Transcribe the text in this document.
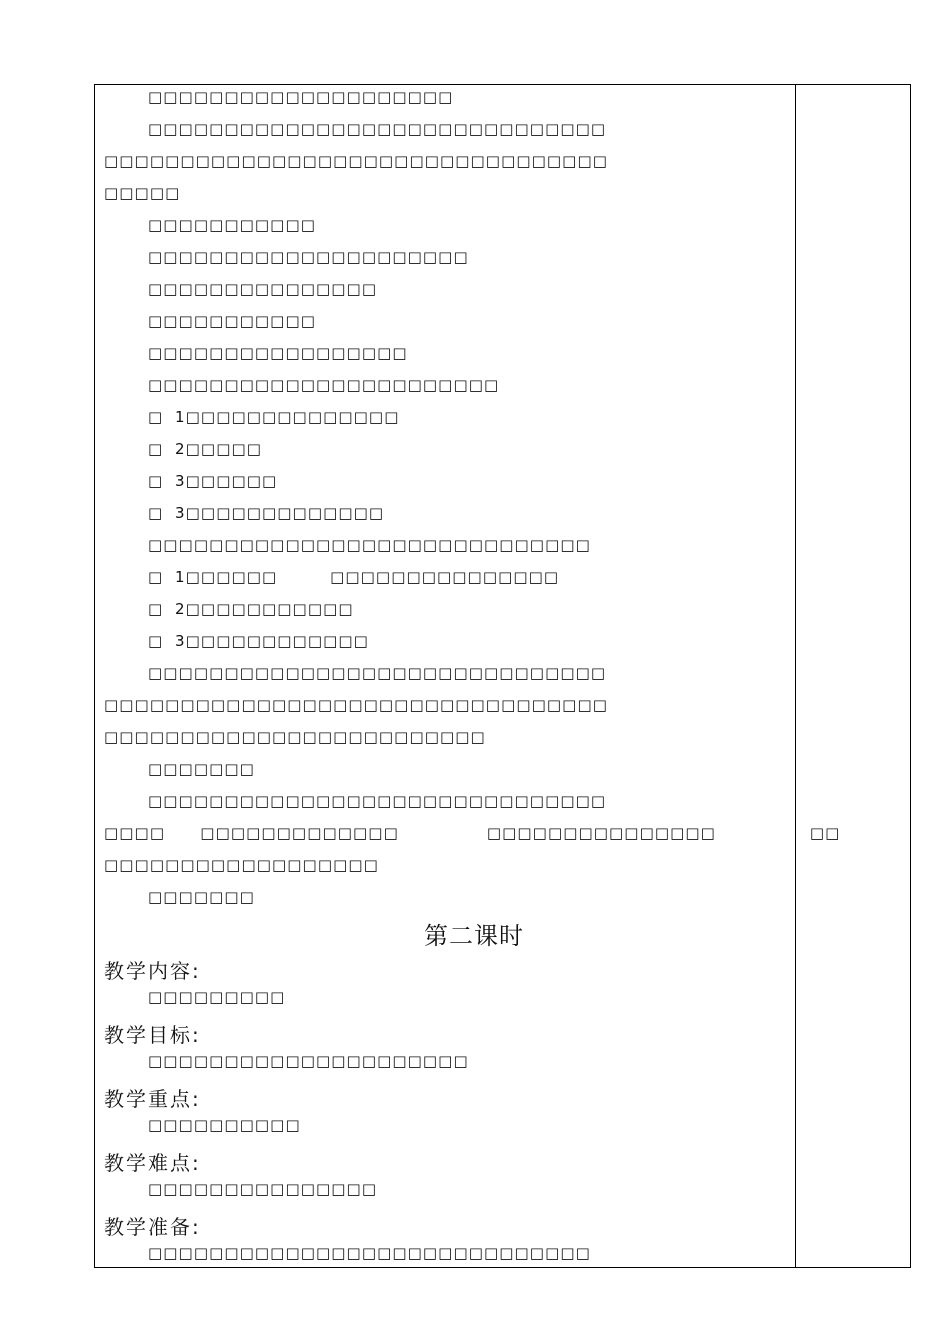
□□□□□□□□□□□□□□□□□□□□
□□□□□□□□□□□□□□□□□□□□□□□□□□□□□□
□□□□□□□□□□□□□□□□□□□□□□□□□□□□□□□□□
□□□□□
□□□□□□□□□□□
□□□□□□□□□□□□□□□□□□□□□
□□□□□□□□□□□□□□□
□□□□□□□□□□□
□□□□□□□□□□□□□□□□□
□□□□□□□□□□□□□□□□□□□□□□□
□  1□□□□□□□□□□□□□□
□  2□□□□□
□  3□□□□□□
□  3□□□□□□□□□□□□□
□□□□□□□□□□□□□□□□□□□□□□□□□□□□□
□  1□□□□□□         □□□□□□□□□□□□□□□
□  2□□□□□□□□□□□
□  3□□□□□□□□□□□□
□□□□□□□□□□□□□□□□□□□□□□□□□□□□□□
□□□□□□□□□□□□□□□□□□□□□□□□□□□□□□□□□
□□□□□□□□□□□□□□□□□□□□□□□□□
□□□□□□□
□□□□□□□□□□□□□□□□□□□□□□□□□□□□□□
□□□□      □□□□□□□□□□□□□               □□□□□□□□□□□□□□□                □□
□□□□□□□□□□□□□□□□□□
□□□□□□□
第二课时
教学内容:
□□□□□□□□□
教学目标:
□□□□□□□□□□□□□□□□□□□□□
教学重点:
□□□□□□□□□□
教学难点:
□□□□□□□□□□□□□□□
教学准备:
□□□□□□□□□□□□□□□□□□□□□□□□□□□□□
